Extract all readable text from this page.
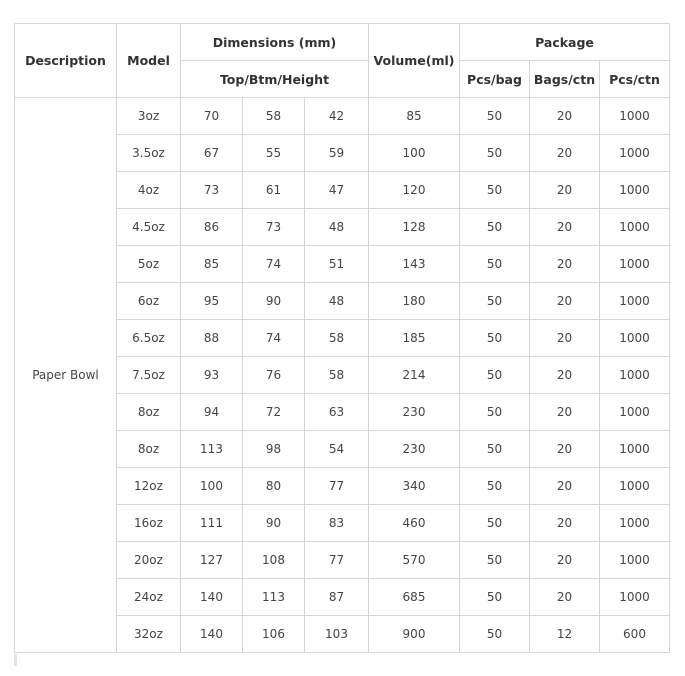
Description	Model	Dimensions (mm)			Volume(ml)	Package		
		Top/Btm/Height				Pcs/bag	Bags/ctn	Pcs/ctn
Paper Bowl	3oz	70	58	42	85	50	20	1000
	3.5oz	67	55	59	100	50	20	1000
	4oz	73	61	47	120	50	20	1000
	4.5oz	86	73	48	128	50	20	1000
	5oz	85	74	51	143	50	20	1000
	6oz	95	90	48	180	50	20	1000
	6.5oz	88	74	58	185	50	20	1000
	7.5oz	93	76	58	214	50	20	1000
	8oz	94	72	63	230	50	20	1000
	8oz	113	98	54	230	50	20	1000
	12oz	100	80	77	340	50	20	1000
	16oz	111	90	83	460	50	20	1000
	20oz	127	108	77	570	50	20	1000
	24oz	140	113	87	685	50	20	1000
	32oz	140	106	103	900	50	12	600
